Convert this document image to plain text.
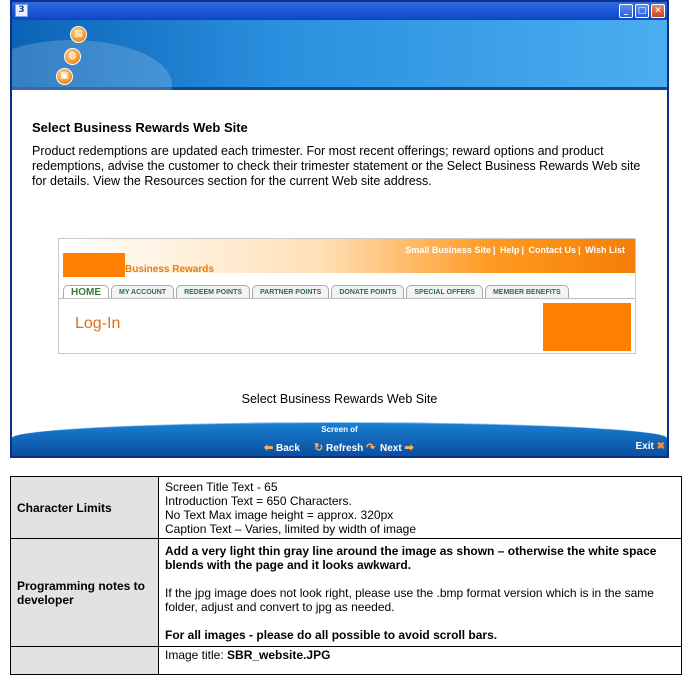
3	_	□ ✕
▤
◍
▣
Select Business Rewards Web Site
Product redemptions are updated each trimester. For most recent offerings; reward options and product redemptions, advise the customer to check their trimester statement or the Select Business Rewards Web site for details. View the Resources section for the current Web site address.
Business Rewards
Small Business Site | Help | Contact Us | Wish List
HOME	MY ACCOUNT	REDEEM POINTS	PARTNER POINTS	DONATE POINTS	SPECIAL OFFERS	MEMBER BENEFITS
Log-In
Select Business Rewards Web Site
Screen of
⬅ Back ↻ Refresh ↷ Next ➡	Exit ✖
Character Limits	Screen Title Text - 65
Introduction Text = 650 Characters.
No Text Max image height = approx. 320px
Caption Text – Varies, limited by width of image

Programming notes to developer	Add a very light thin gray line around the image as shown – otherwise the white space blends with the page and it looks awkward.
If the jpg image does not look right, please use the .bmp format version which is in the same folder, adjust and convert to jpg as needed.
For all images - please do all possible to avoid scroll bars.

	Image title: SBR_website.JPG
